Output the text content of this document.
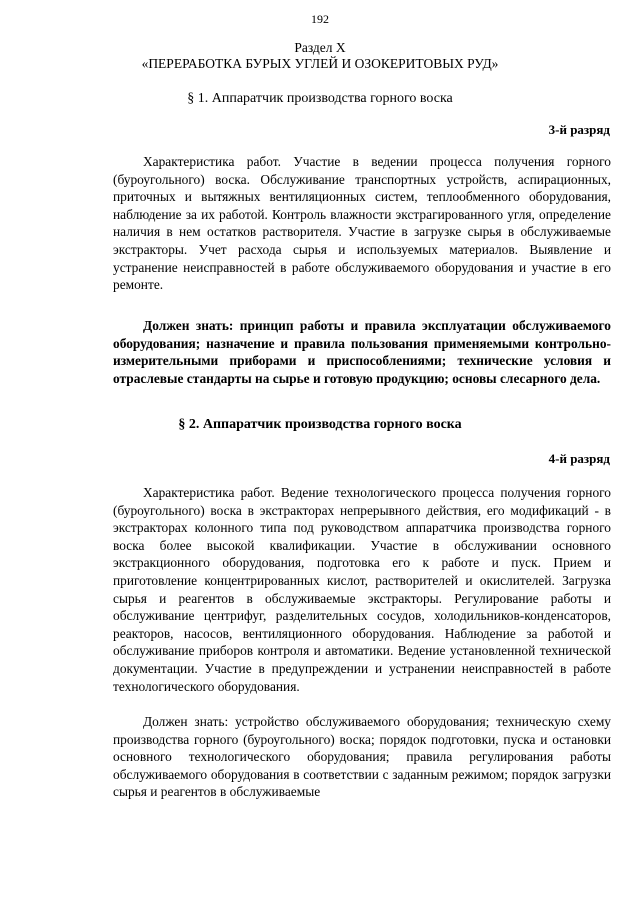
192
Раздел X
«ПЕРЕРАБОТКА БУРЫХ УГЛЕЙ И ОЗОКЕРИТОВЫХ РУД»
§ 1. Аппаратчик производства горного воска
3-й разряд
Характеристика работ. Участие в ведении процесса получения горного (буроугольного) воска. Обслуживание транспортных устройств, аспирационных, приточных и вытяжных вентиляционных систем, теплообменного оборудования, наблюдение за их работой. Контроль влажности экстрагированного угля, определение наличия в нем остатков растворителя. Участие в загрузке сырья в обслуживаемые экстракторы. Учет расхода сырья и используемых материалов. Выявление и устранение неисправностей в работе обслуживаемого оборудования и участие в его ремонте.
Должен знать: принцип работы и правила эксплуатации обслуживаемого оборудования; назначение и правила пользования применяемыми контрольно-измерительными приборами и приспособлениями; технические условия и отраслевые стандарты на сырье и готовую продукцию; основы слесарного дела.
§ 2. Аппаратчик производства горного воска
4-й разряд
Характеристика работ. Ведение технологического процесса получения горного (буроугольного) воска в экстракторах непрерывного действия, его модификаций - в экстракторах колонного типа под руководством аппаратчика производства горного воска более высокой квалификации. Участие в обслуживании основного экстракционного оборудования, подготовка его к работе и пуск. Прием и приготовление концентрированных кислот, растворителей и окислителей. Загрузка сырья и реагентов в обслуживаемые экстракторы. Регулирование работы и обслуживание центрифуг, разделительных сосудов, холодильников-конденсаторов, реакторов, насосов, вентиляционного оборудования. Наблюдение за работой и обслуживание приборов контроля и автоматики. Ведение установленной технической документации. Участие в предупреждении и устранении неисправностей в работе технологического оборудования.
Должен знать: устройство обслуживаемого оборудования; техническую схему производства горного (буроугольного) воска; порядок подготовки, пуска и остановки основного технологического оборудования; правила регулирования работы обслуживаемого оборудования в соответствии с заданным режимом; порядок загрузки сырья и реагентов в обслуживаемые
